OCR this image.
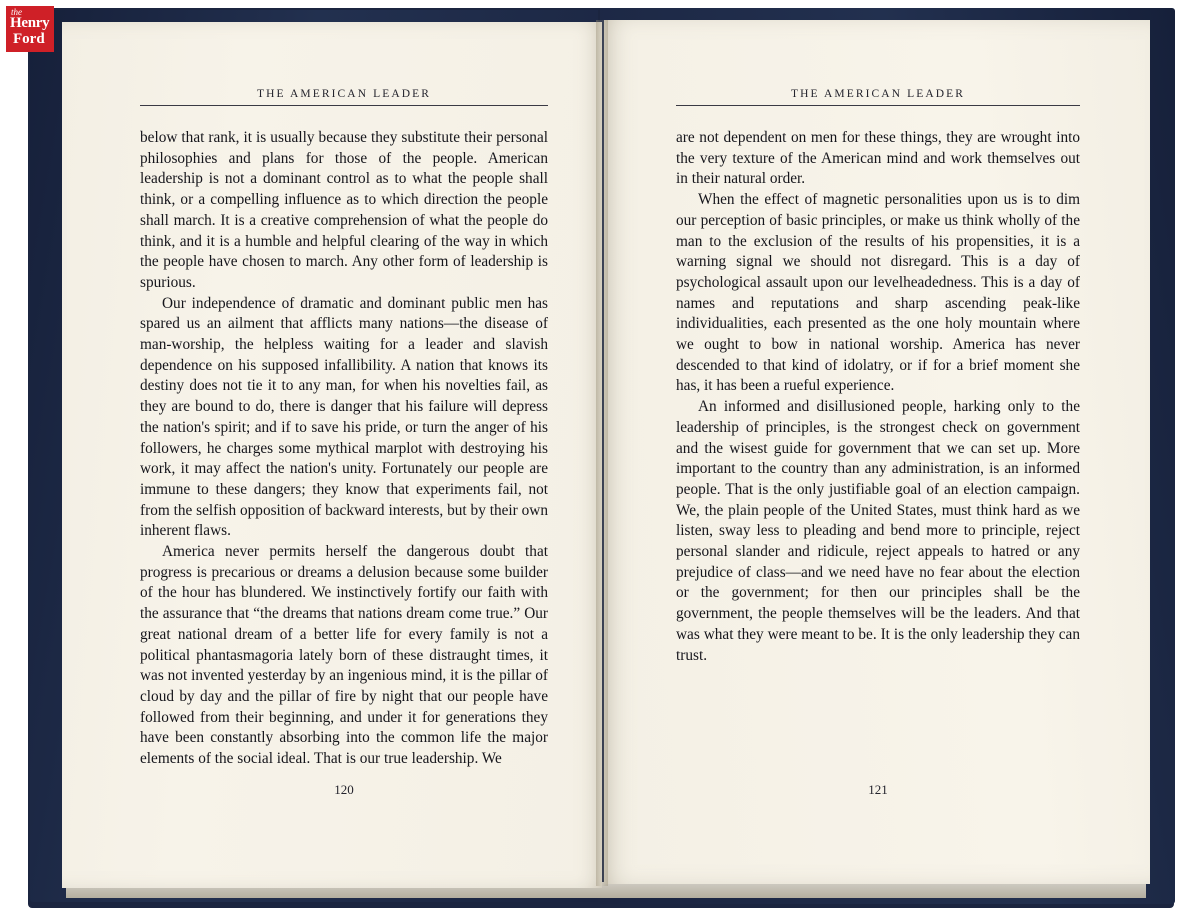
THE AMERICAN LEADER

below that rank, it is usually because they substitute their personal philosophies and plans for those of the people. American leadership is not a dominant control as to what the people shall think, or a compelling influence as to which direction the people shall march. It is a creative comprehension of what the people do think, and it is a humble and helpful clearing of the way in which the people have chosen to march. Any other form of leadership is spurious.

Our independence of dramatic and dominant public men has spared us an ailment that afflicts many nations—the disease of man-worship, the helpless waiting for a leader and slavish dependence on his supposed infallibility. A nation that knows its destiny does not tie it to any man, for when his novelties fail, as they are bound to do, there is danger that his failure will depress the nation's spirit; and if to save his pride, or turn the anger of his followers, he charges some mythical marplot with destroying his work, it may affect the nation's unity. Fortunately our people are immune to these dangers; they know that experiments fail, not from the selfish opposition of backward interests, but by their own inherent flaws.

America never permits herself the dangerous doubt that progress is precarious or dreams a delusion because some builder of the hour has blundered. We instinctively fortify our faith with the assurance that “the dreams that nations dream come true.” Our great national dream of a better life for every family is not a political phantasmagoria lately born of these distraught times, it was not invented yesterday by an ingenious mind, it is the pillar of cloud by day and the pillar of fire by night that our people have followed from their beginning, and under it for generations they have been constantly absorbing into the common life the major elements of the social ideal. That is our true leadership. We

120
THE AMERICAN LEADER

are not dependent on men for these things, they are wrought into the very texture of the American mind and work themselves out in their natural order.

When the effect of magnetic personalities upon us is to dim our perception of basic principles, or make us think wholly of the man to the exclusion of the results of his propensities, it is a warning signal we should not disregard. This is a day of psychological assault upon our levelheadedness. This is a day of names and reputations and sharp ascending peak-like individualities, each presented as the one holy mountain where we ought to bow in national worship. America has never descended to that kind of idolatry, or if for a brief moment she has, it has been a rueful experience.

An informed and disillusioned people, harking only to the leadership of principles, is the strongest check on government and the wisest guide for government that we can set up. More important to the country than any administration, is an informed people. That is the only justifiable goal of an election campaign. We, the plain people of the United States, must think hard as we listen, sway less to pleading and bend more to principle, reject personal slander and ridicule, reject appeals to hatred or any prejudice of class—and we need have no fear about the election or the government; for then our principles shall be the government, the people themselves will be the leaders. And that was what they were meant to be. It is the only leadership they can trust.

121
the
Henry
Ford
